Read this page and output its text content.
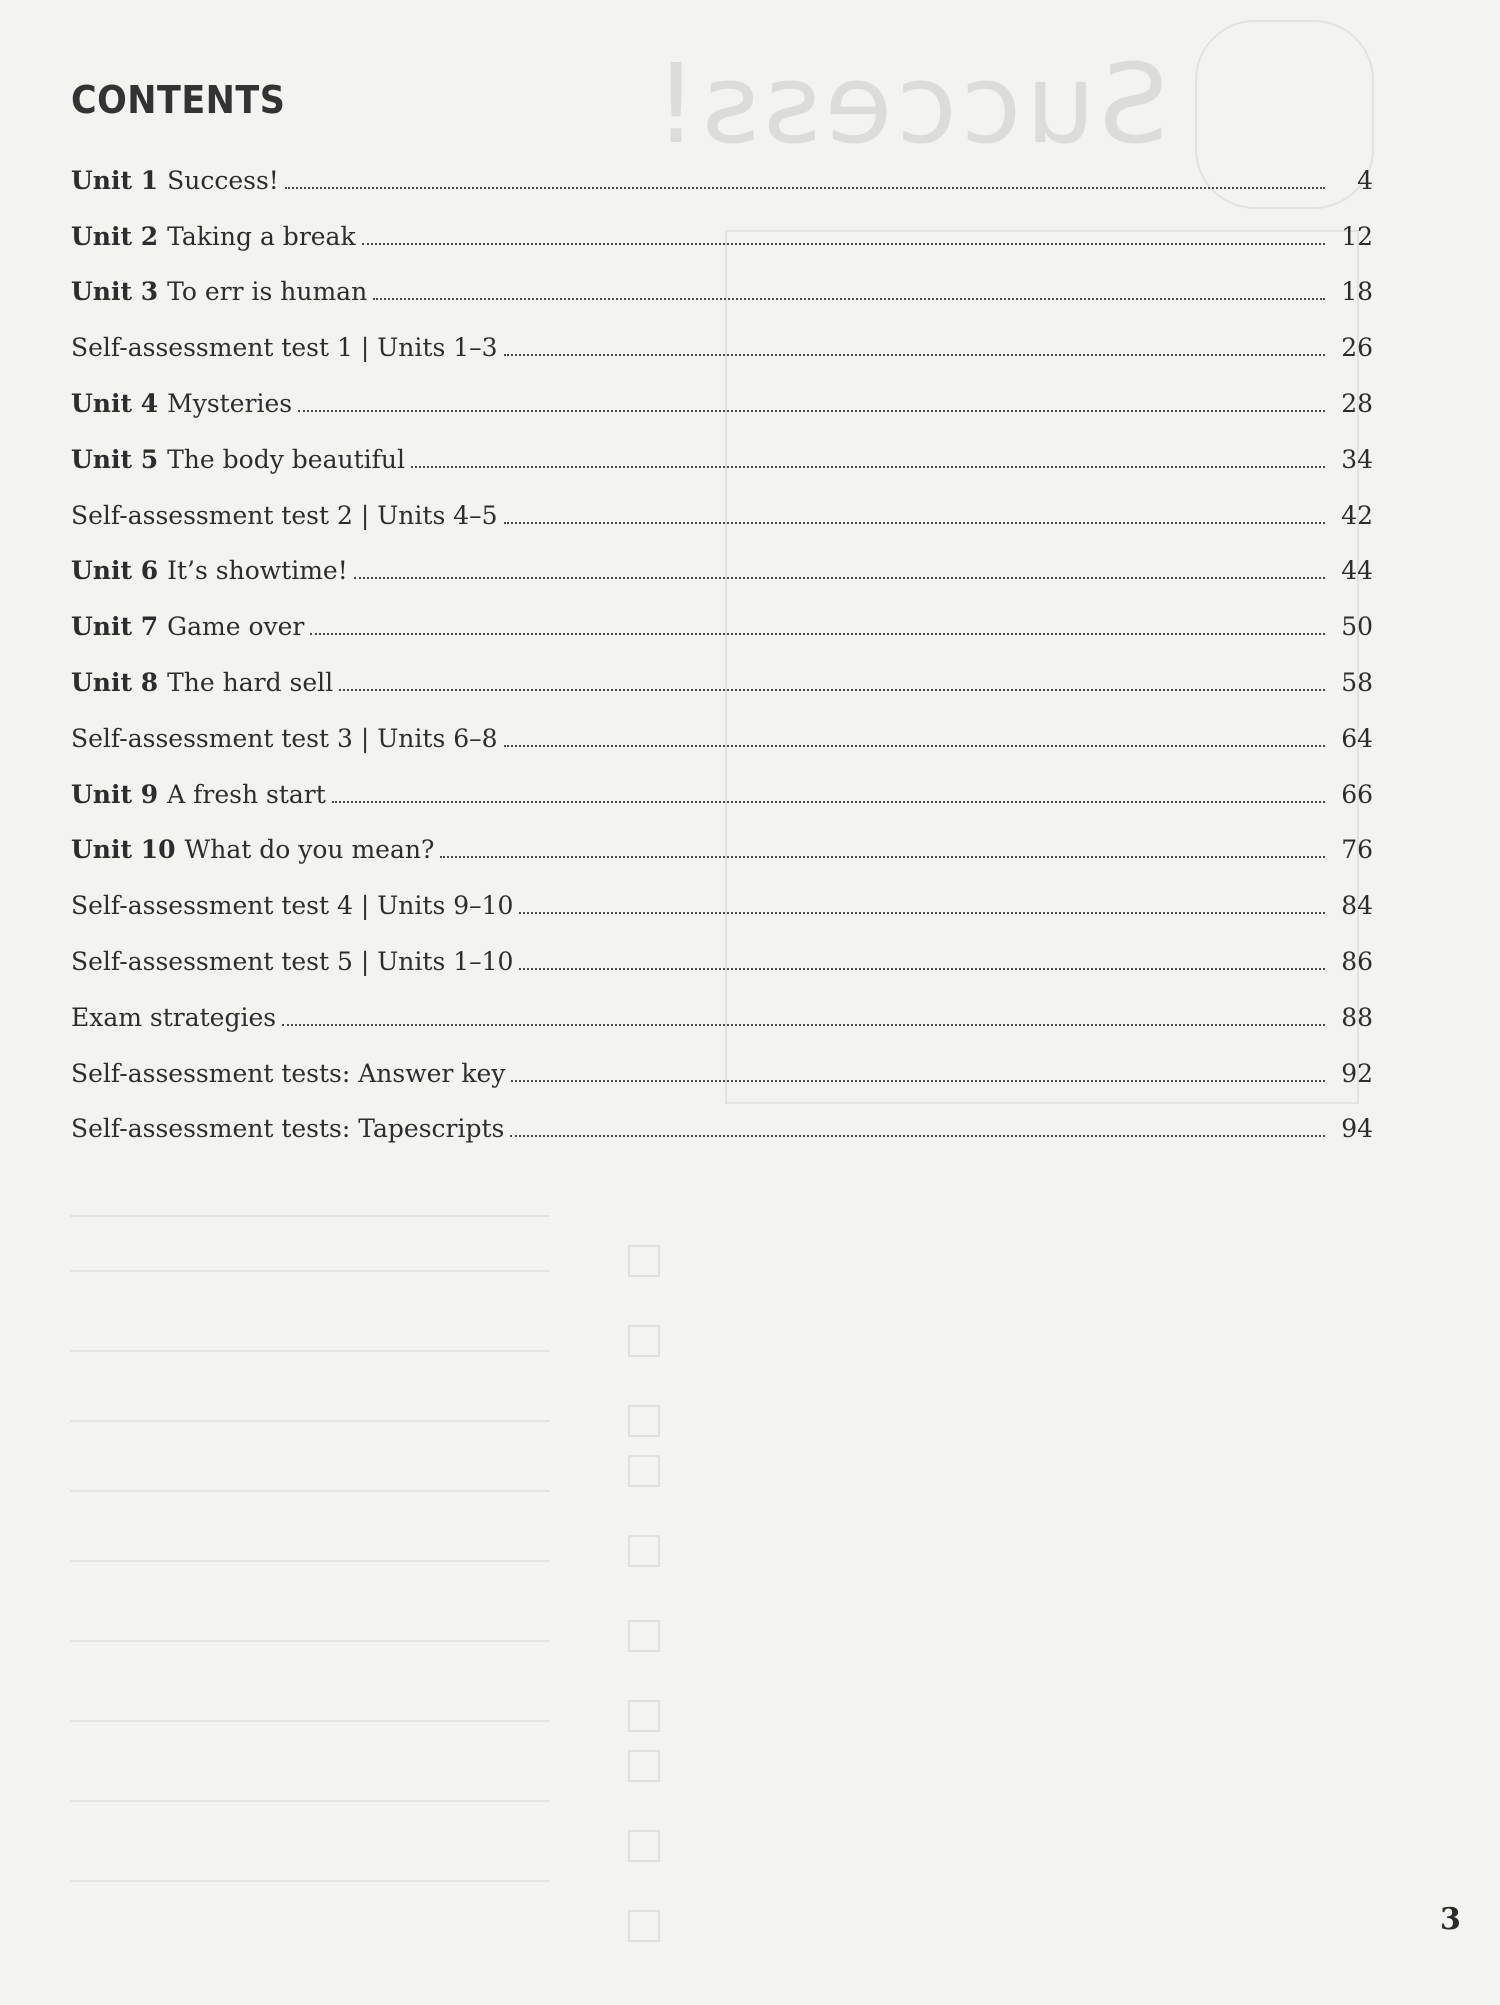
Success!
CONTENTS
Unit 1 Success!	4
Unit 2 Taking a break	12
Unit 3 To err is human	18
Self-assessment test 1 | Units 1–3	26
Unit 4 Mysteries	28
Unit 5 The body beautiful	34
Self-assessment test 2 | Units 4–5	42
Unit 6 It’s showtime!	44
Unit 7 Game over	50
Unit 8 The hard sell	58
Self-assessment test 3 | Units 6–8	64
Unit 9 A fresh start	66
Unit 10 What do you mean?	76
Self-assessment test 4 | Units 9–10	84
Self-assessment test 5 | Units 1–10	86
Exam strategies	88
Self-assessment tests: Answer key	92
Self-assessment tests: Tapescripts	94
3
